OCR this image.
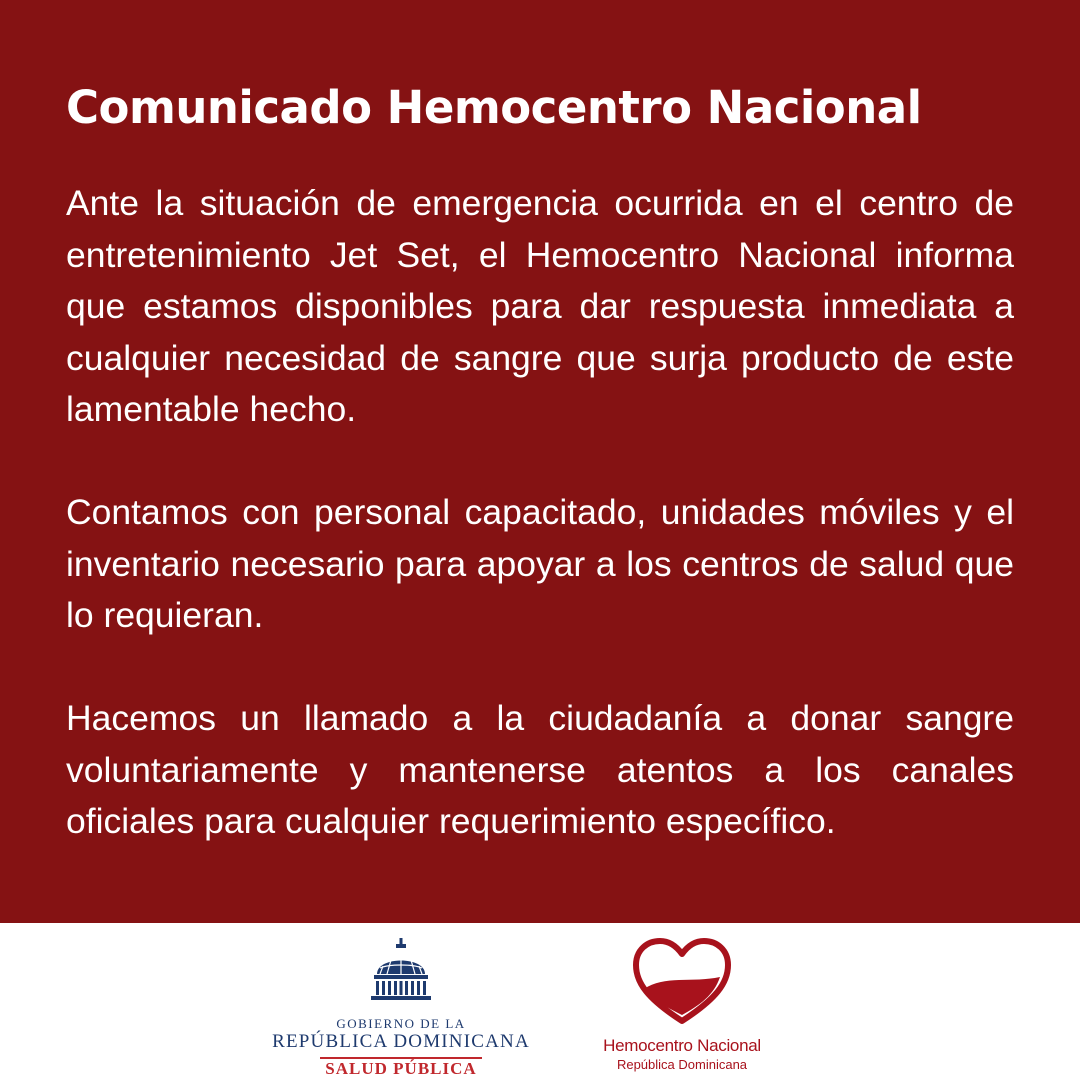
Comunicado Hemocentro Nacional

Ante la situación de emergencia ocurrida en el centro de entretenimiento Jet Set, el Hemocentro Nacional informa que estamos disponibles para dar respuesta inmediata a cualquier necesidad de sangre que surja producto de este lamentable hecho.

Contamos con personal capacitado, unidades móviles y el inventario necesario para apoyar a los centros de salud que lo requieran.

Hacemos un llamado a la ciudadanía a donar sangre voluntariamente y mantenerse atentos a los canales oficiales para cualquier requerimiento específico.

GOBIERNO DE LA
REPÚBLICA DOMINICANA
SALUD PÚBLICA
Hemocentro Nacional
República Dominicana
